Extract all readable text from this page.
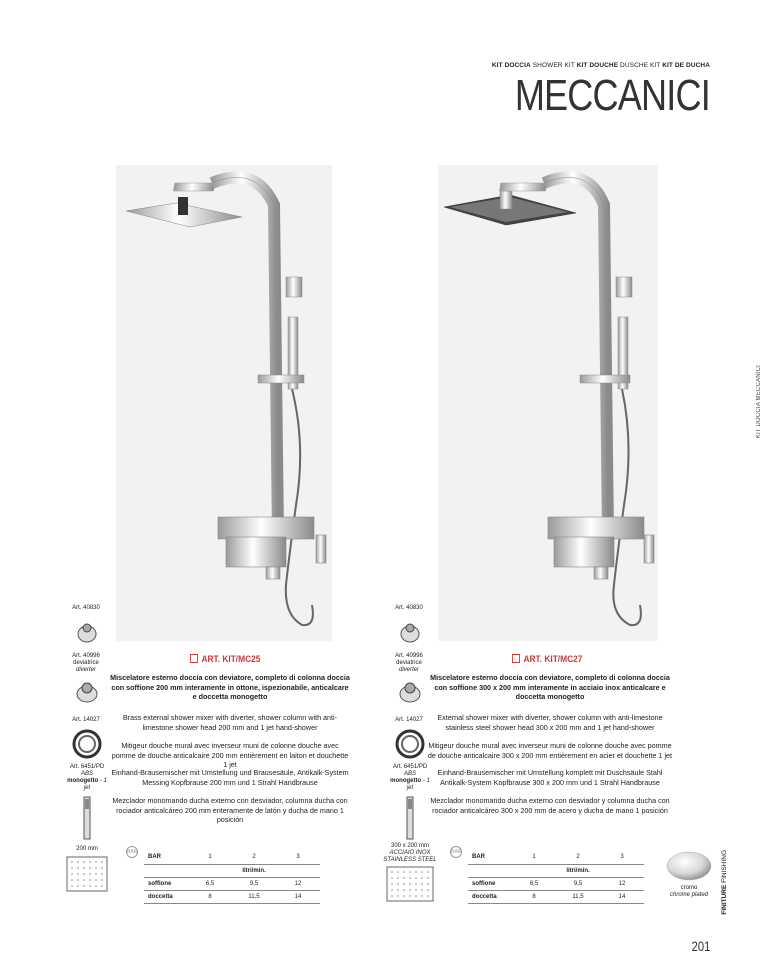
KIT DOCCIA SHOWER KIT KIT DOUCHE DUSCHE KIT KIT DE DUCHA
MECCANICI
KIT DOCCIA MECCANICI
Art. 40830
Art. 40996
deviatrice
diverter
Art. 14027
Art. 6451/PD
ABS
monogetto - 1 jet
200 mm
ART. KIT/MC25
Miscelatore esterno doccia con deviatore, completo di colonna doccia con soffione 200 mm interamente in ottone, ispezionabile, anticalcare e doccetta monogetto
Brass external shower mixer with diverter, shower column with anti-limestone shower head 200 mm and 1 jet hand-shower
Mitigeur douche mural avec inverseur muni de colonne douche avec pomme de douche anticalcaire 200 mm entièrement en laiton et douchette 1 jet
Einhand-Brausemischer mit Umstellung und Brausesäule, Antikalk-System Messing Kopfbrause 200 mm und 1 Strahl Handbrause
Mezclador monomando ducha externo con desviador, columna ducha con rociador anticalcáreo 200 mm enteramente de latón y ducha de mano 1 posición
BAR
BAR	1	2	3
	litri/min.		
soffione	6,5	9,5	12
doccetta	8	11,5	14
Art. 40830
Art. 40996
deviatrice
diverter
Art. 14027
Art. 6451/PD
ABS
monogetto - 1 jet
300 x 200 mm
ACCIAIO INOX
STAINLESS STEEL
ART. KIT/MC27
Miscelatore esterno doccia con deviatore, completo di colonna doccia con soffione 300 x 200 mm interamente in acciaio inox anticalcare e doccetta monogetto
External shower mixer with diverter, shower column with anti-limestone stainless steel shower head 300 x 200 mm and 1 jet hand-shower
Mitigeur douche mural avec inverseur muni de colonne douche avec pomme de douche anticalcaire 300 x 200 mm entièrement en acier et douchette 1 jet
Einhand-Brausemischer mit Umstellung komplett mit Duschsäule Stahl Antikalk-System Kopfbrause 300 x 200 mm und 1 Strahl Handbrause
Mezclador monomando ducha externo con desviador y columna ducha con rociador anticalcáreo 300 x 200 mm de acero y ducha de mano 1 posición
BAR
BAR	1	2	3
	litri/min.		
soffione	6,5	9,5	12
doccetta	8	11,5	14
cromo
chrome plated	FINITURE FINISHING
201
